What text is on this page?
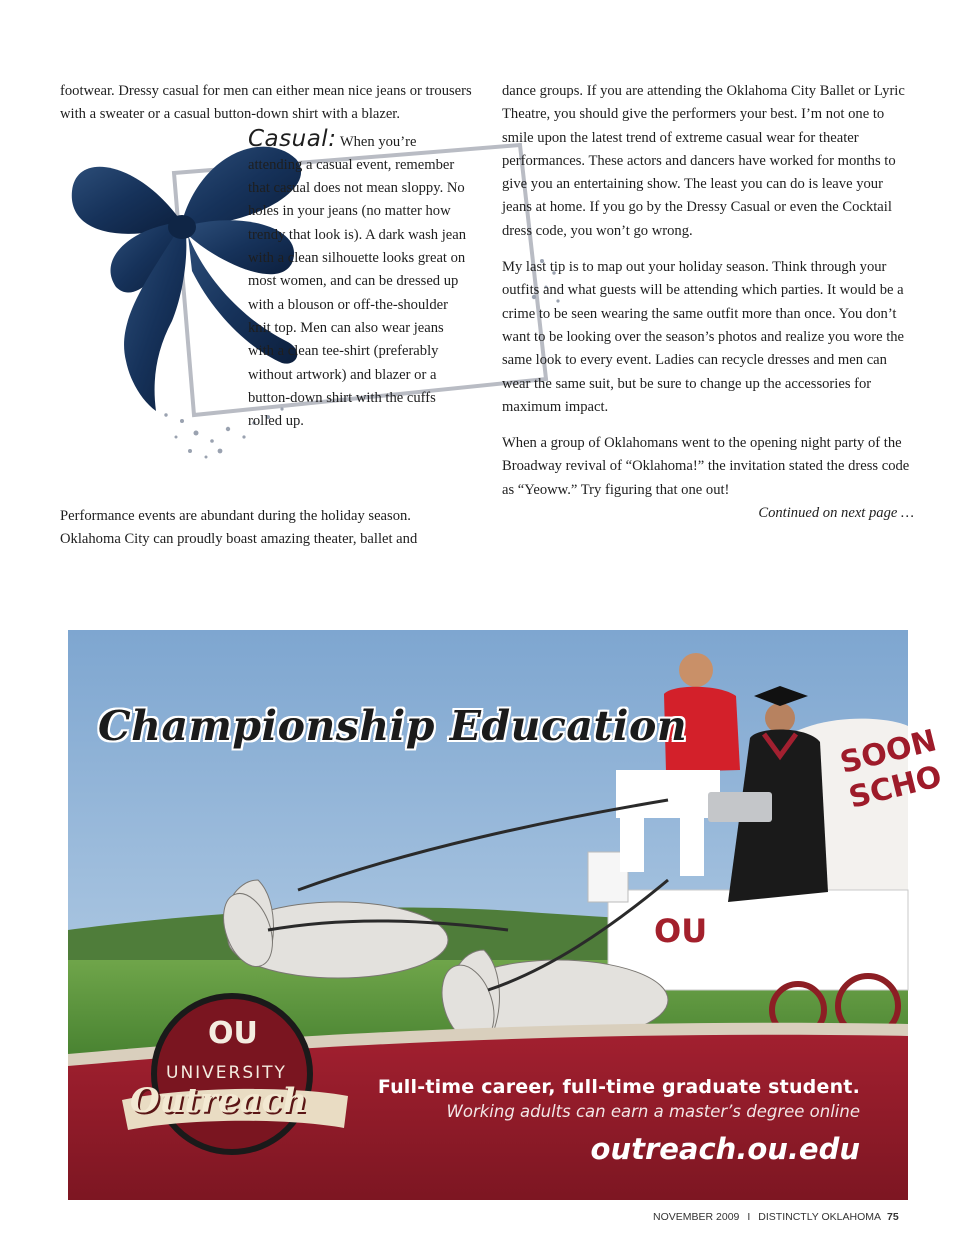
footwear. Dressy casual for men can either mean nice jeans or trousers with a sweater or a casual button-down shirt with a blazer.

Casual: When you’re attending a casual event, remember that casual does not mean sloppy. No holes in your jeans (no matter how trendy that look is). A dark wash jean with a clean silhouette looks great on most women, and can be dressed up with a blouson or off-the-shoulder knit top. Men can also wear jeans with a clean tee-shirt (preferably without artwork) and blazer or a button-down shirt with the cuffs rolled up.

Performance events are abundant during the holiday season. Oklahoma City can proudly boast amazing theater, ballet and

dance groups. If you are attending the Oklahoma City Ballet or Lyric Theatre, you should give the performers your best. I’m not one to smile upon the latest trend of extreme casual wear for theater performances. These actors and dancers have worked for months to give you an entertaining show. The least you can do is leave your jeans at home. If you go by the Dressy Casual or even the Cocktail dress code, you won’t go wrong.

My last tip is to map out your holiday season. Think through your outfits and what guests will be attending which parties. It would be a crime to be seen wearing the same outfit more than once. You don’t want to be looking over the season’s photos and realize you wore the same look to every event. Ladies can recycle dresses and men can wear the same suit, but be sure to change up the accessories for maximum impact.

When a group of Oklahomans went to the opening night party of the Broadway revival of “Oklahoma!” the invitation stated the dress code as “Yeoww.” Try figuring that one out!

Continued on next page …

Championship Education	SOON SCHO
OU
OU
UNIVERSITY
Outreach	Full-time career, full-time graduate student.
Working adults can earn a master’s degree online
outreach.ou.edu
NOVEMBER 2009 I DISTINCTLY OKLAHOMA 75
